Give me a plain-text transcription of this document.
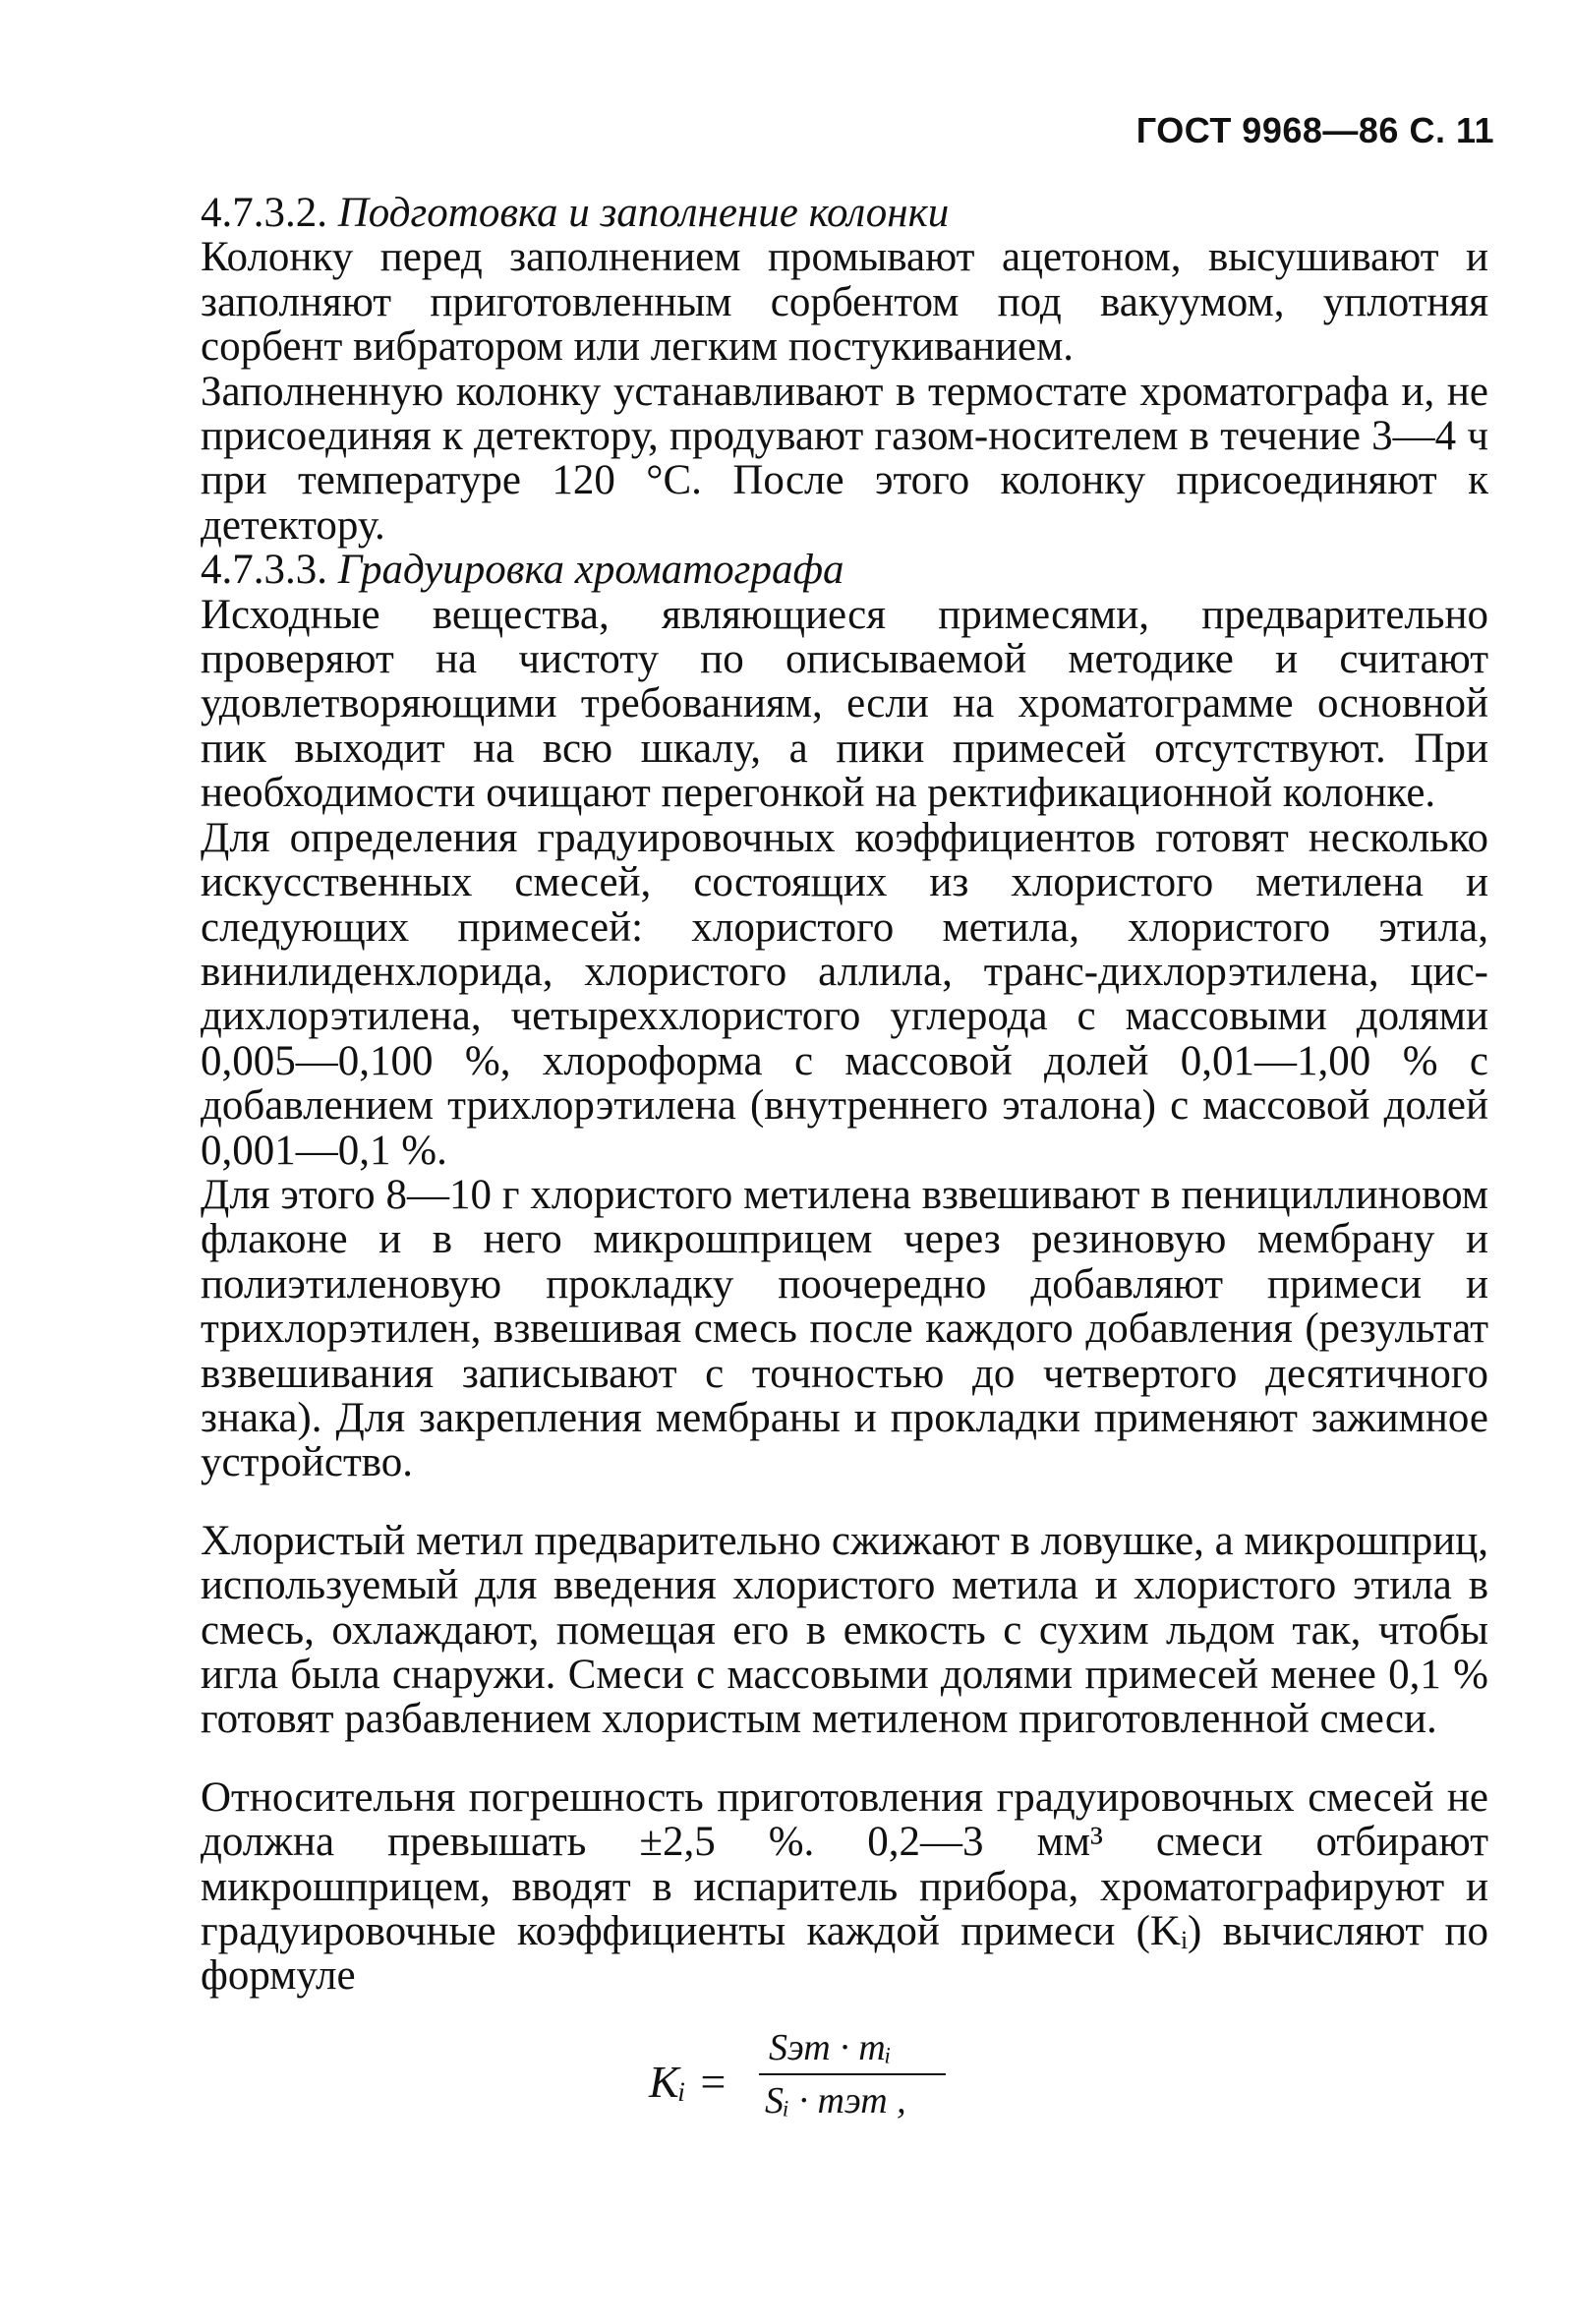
ГОСТ 9968—86 С. 11

4.7.3.2. Подготовка и заполнение колонки

Колонку перед заполнением промывают ацетоном, высушивают и заполняют приготовленным сорбентом под вакуумом, уплотняя сорбент вибратором или легким постукиванием.

Заполненную колонку устанавливают в термостате хроматографа и, не присоединяя к детектору, продувают газом-носителем в течение 3—4 ч при температуре 120 °С. После этого колонку присоединяют к детектору.

4.7.3.3. Градуировка хроматографа

Исходные вещества, являющиеся примесями, предварительно проверяют на чистоту по описываемой методике и считают удовлетворяющими требованиям, если на хроматограмме основной пик выходит на всю шкалу, а пики примесей отсутствуют. При необходимости очищают перегонкой на ректификационной колонке.

Для определения градуировочных коэффициентов готовят несколько искусственных смесей, состоящих из хлористого метилена и следующих примесей: хлористого метила, хлористого этила, винилиденхлорида, хлористого аллила, транс-дихлорэтилена, цис-дихлорэтилена, четыреххлористого углерода с массовыми долями 0,005—0,100 %, хлороформа с массовой долей 0,01—1,00 % с добавлением трихлорэтилена (внутреннего эталона) с массовой долей 0,001—0,1 %.

Для этого 8—10 г хлористого метилена взвешивают в пенициллиновом флаконе и в него микрошприцем через резиновую мембрану и полиэтиленовую прокладку поочередно добавляют примеси и трихлорэтилен, взвешивая смесь после каждого добавления (результат взвешивания записывают с точностью до четвертого десятичного знака). Для закрепления мембраны и прокладки применяют зажимное устройство.

Хлористый метил предварительно сжижают в ловушке, а микрошприц, используемый для введения хлористого метила и хлористого этила в смесь, охлаждают, помещая его в емкость с сухим льдом так, чтобы игла была снаружи. Смеси с массовыми долями примесей менее 0,1 % готовят разбавлением хлористым метиленом приготовленной смеси.

Относительня погрешность приготовления градуировочных смесей не должна превышать ±2,5 %. 0,2—3 мм³ смеси отбирают микрошприцем, вводят в испаритель прибора, хроматографируют и градуировочные коэффициенты каждой примеси (Kᵢ) вычисляют по формуле

Kᵢ =
Sэт · mᵢ
Sᵢ · mэт ,
